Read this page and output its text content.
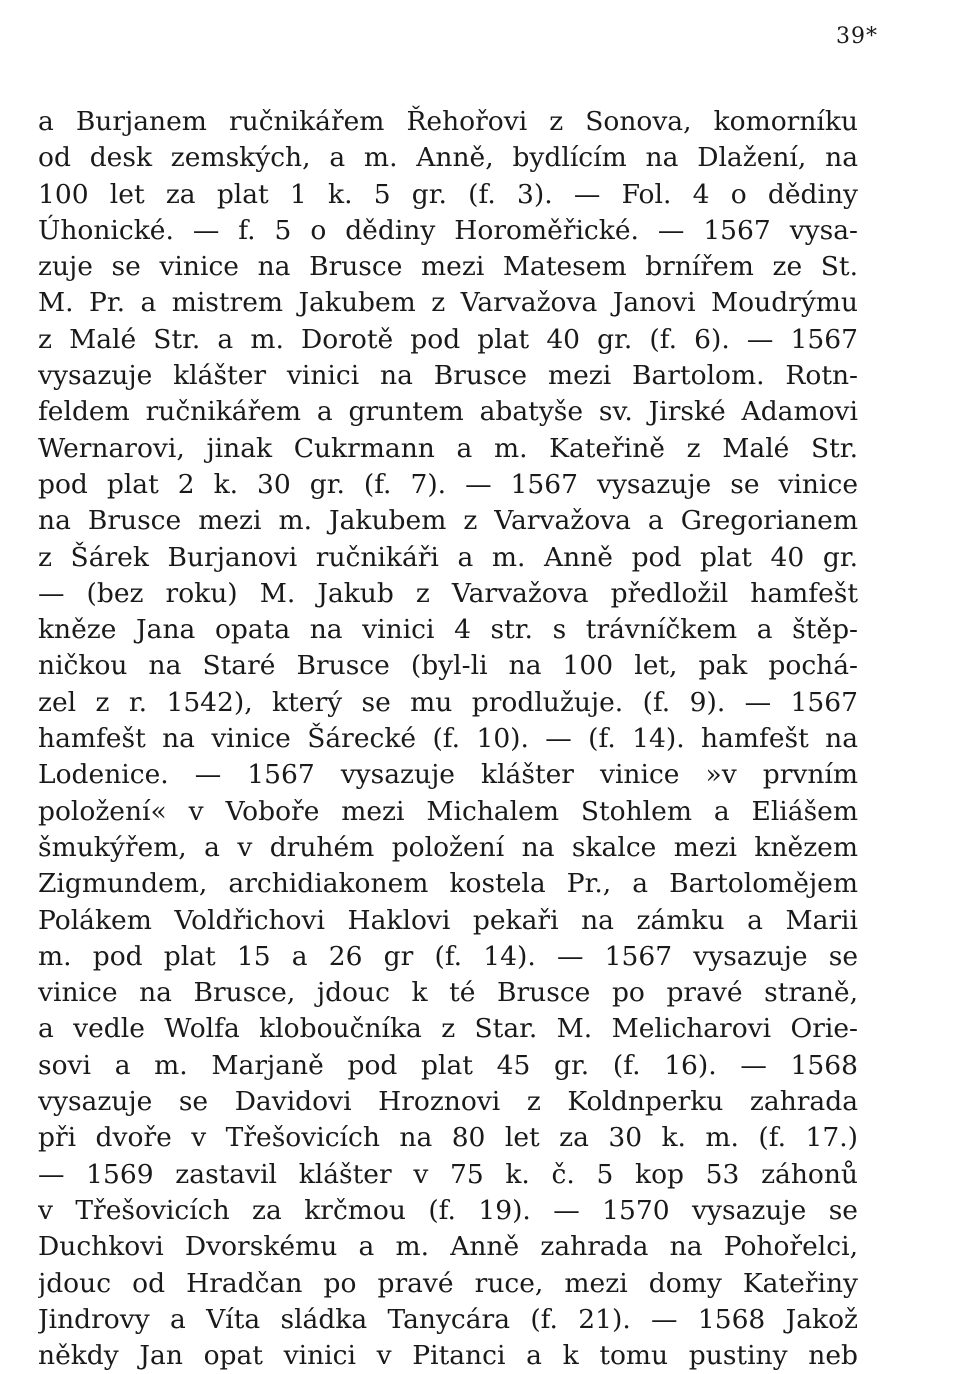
39*
a Burjanem ručnikářem Řehořovi z Sonova, komorníku
od desk zemských, a m. Anně, bydlícím na Dlažení, na
100 let za plat 1 k. 5 gr. (f. 3). — Fol. 4 o dědiny
Úhonické. — f. 5 o dědiny Horoměřické. — 1567 vysa-
zuje se vinice na Brusce mezi Matesem brnířem ze St.
M. Pr. a mistrem Jakubem z Varvažova Janovi Moudrýmu
z Malé Str. a m. Dorotě pod plat 40 gr. (f. 6). — 1567
vysazuje klášter vinici na Brusce mezi Bartolom. Rotn-
feldem ručnikářem a gruntem abatyše sv. Jirské Adamovi
Wernarovi, jinak Cukrmann a m. Kateřině z Malé Str.
pod plat 2 k. 30 gr. (f. 7). — 1567 vysazuje se vinice
na Brusce mezi m. Jakubem z Varvažova a Gregorianem
z Šárek Burjanovi ručnikáři a m. Anně pod plat 40 gr.
— (bez roku) M. Jakub z Varvažova předložil hamfešt
kněze Jana opata na vinici 4 str. s trávníčkem a štěp-
ničkou na Staré Brusce (byl-li na 100 let, pak pochá-
zel z r. 1542), který se mu prodlužuje. (f. 9). — 1567
hamfešt na vinice Šárecké (f. 10). — (f. 14). hamfešt na
Lodenice. — 1567 vysazuje klášter vinice »v prvním
položení« v Voboře mezi Michalem Stohlem a Eliášem
šmukýřem, a v druhém položení na skalce mezi knězem
Zigmundem, archidiakonem kostela Pr., a Bartolomějem
Polákem Voldřichovi Haklovi pekaři na zámku a Marii
m. pod plat 15 a 26 gr (f. 14). — 1567 vysazuje se
vinice na Brusce, jdouc k té Brusce po pravé straně,
a vedle Wolfa kloboučníka z Star. M. Melicharovi Orie-
sovi a m. Marjaně pod plat 45 gr. (f. 16). — 1568
vysazuje se Davidovi Hroznovi z Koldnperku zahrada
při dvoře v Třešovicích na 80 let za 30 k. m. (f. 17.)
— 1569 zastavil klášter v 75 k. č. 5 kop 53 záhonů
v Třešovicích za krčmou (f. 19). — 1570 vysazuje se
Duchkovi Dvorskému a m. Anně zahrada na Pohořelci,
jdouc od Hradčan po pravé ruce, mezi domy Kateřiny
Jindrovy a Víta sládka Tanycára (f. 21). — 1568 Jakož
někdy Jan opat vinici v Pitanci a k tomu pustiny neb
